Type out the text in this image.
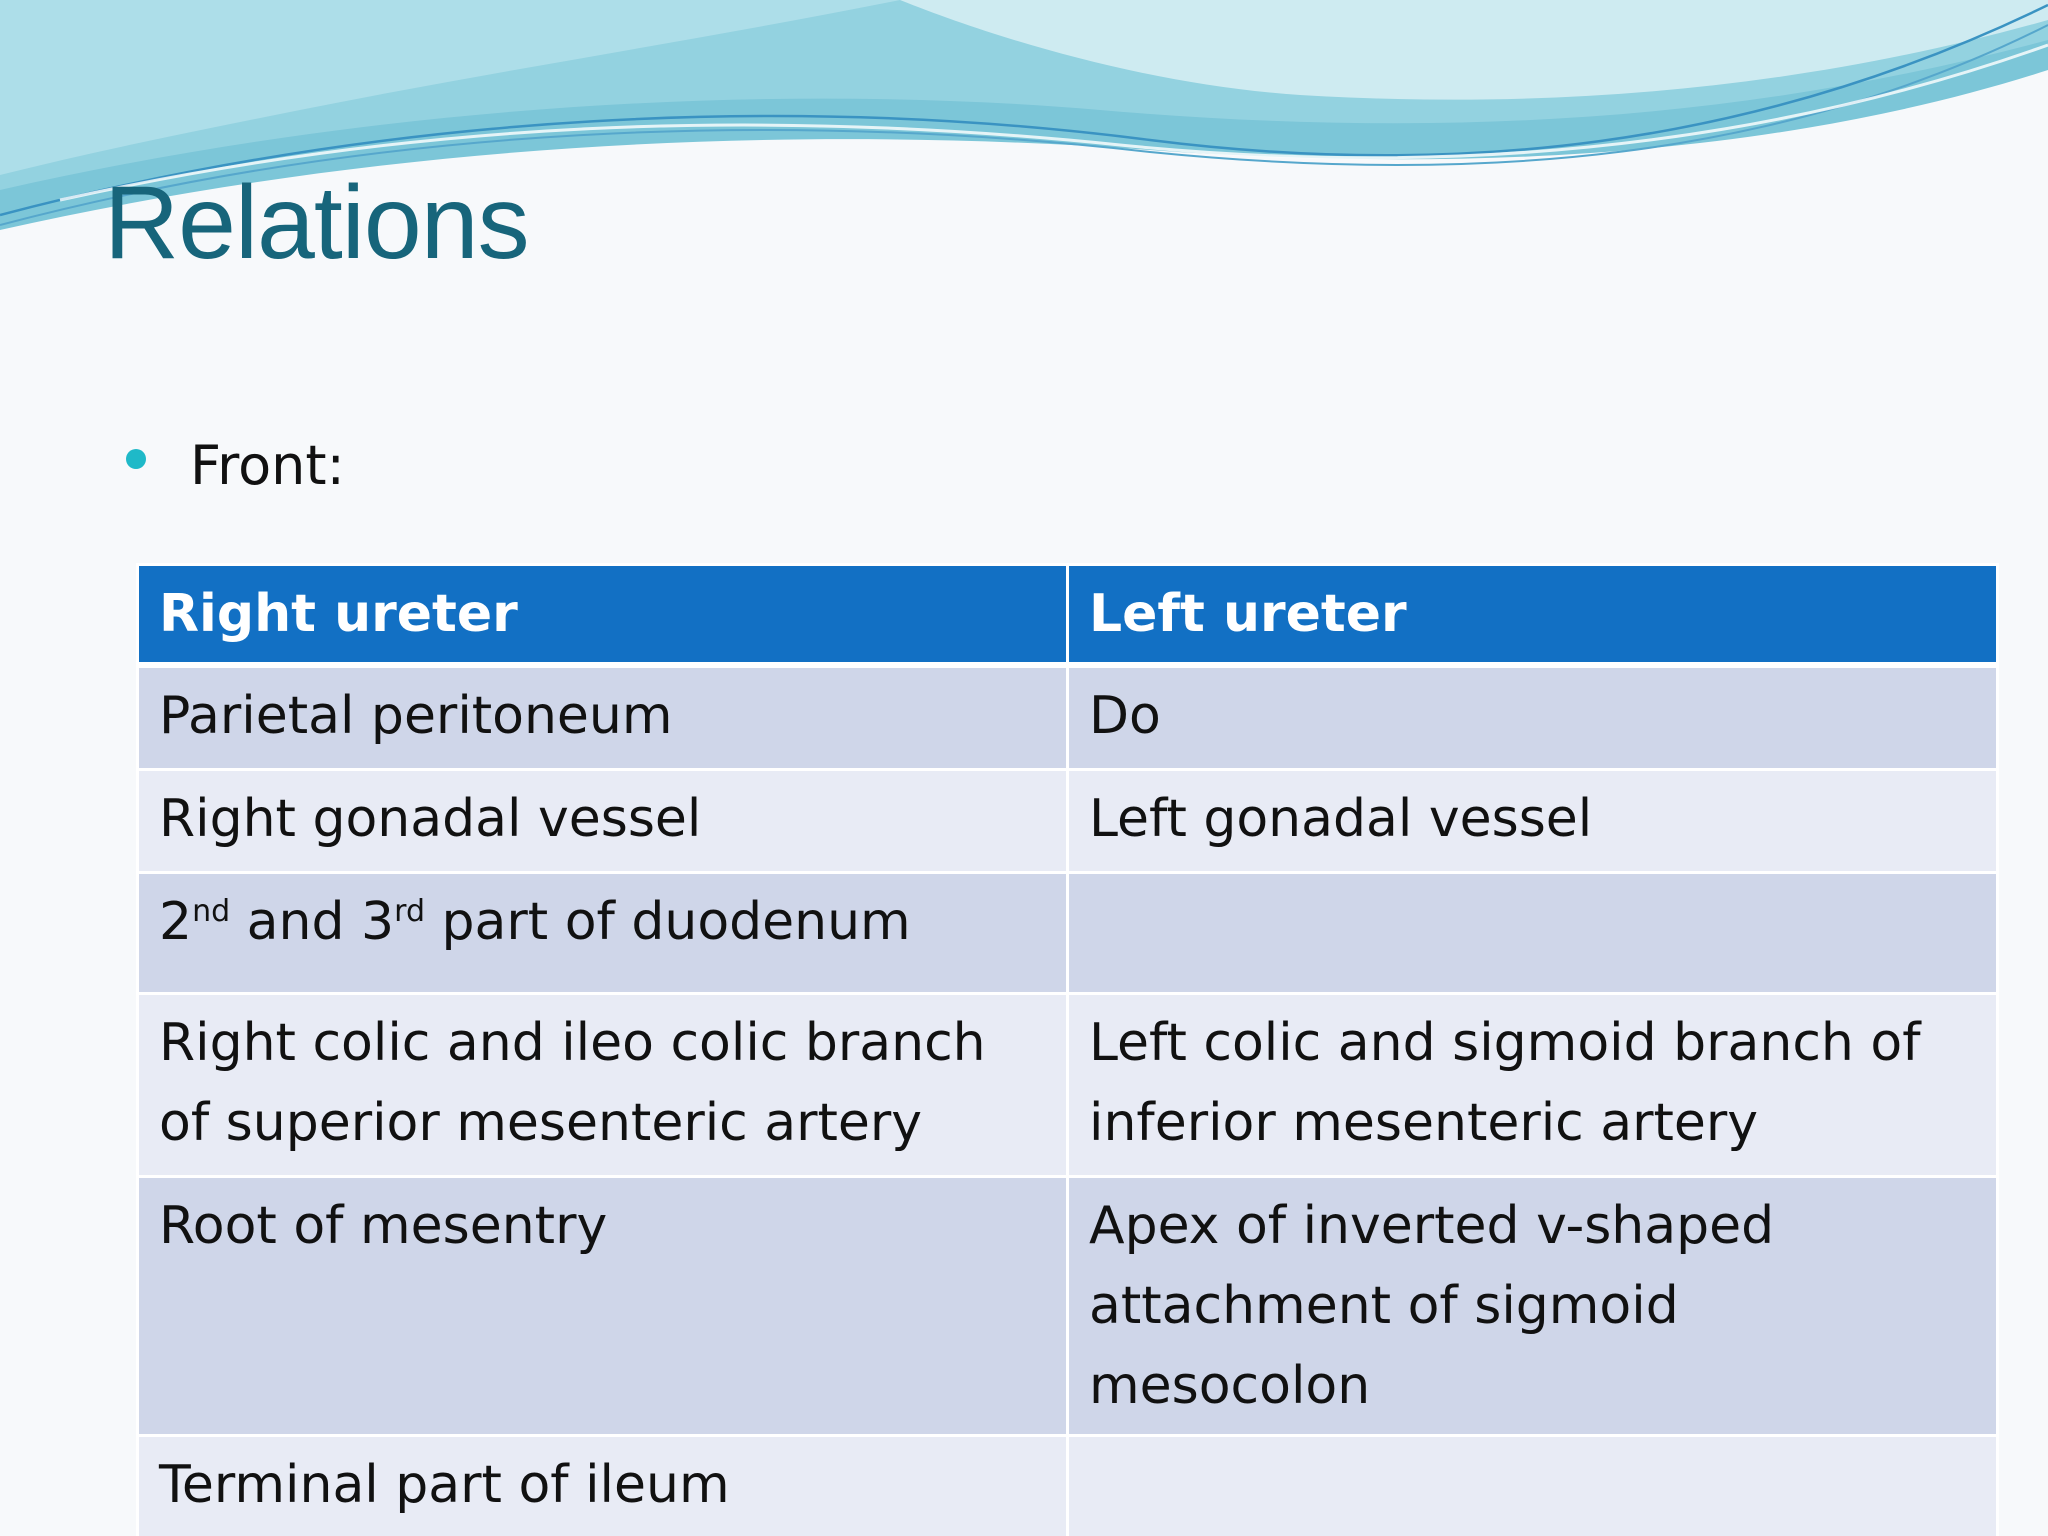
Relations
Front:
Right ureter	Left ureter
Parietal peritoneum	Do
Right gonadal vessel	Left gonadal vessel
2nd and 3rd part of duodenum	
Right colic and ileo colic branch of superior mesenteric artery	Left colic and sigmoid branch of inferior mesenteric artery
Root of mesentry	Apex of inverted v-shaped attachment of sigmoid mesocolon
Terminal part of ileum	
